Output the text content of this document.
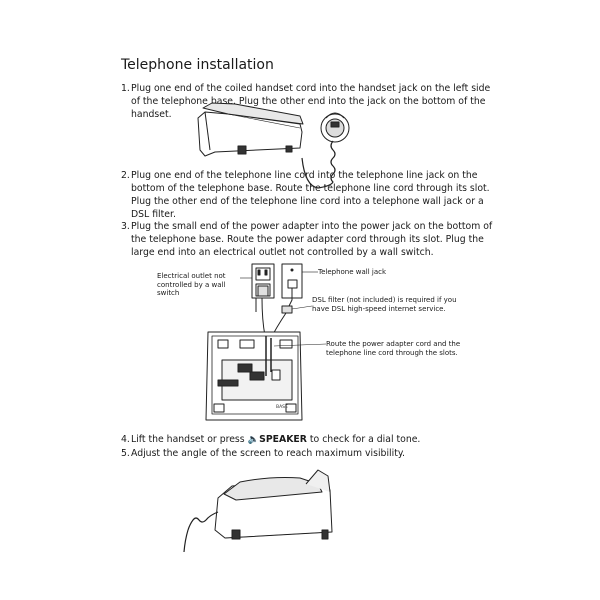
Telephone installation
1. Plug one end of the coiled handset cord into the handset jack on the left side of the telephone base. Plug the other end into the jack on the bottom of the handset.
2. Plug one end of the telephone line cord into the telephone line jack on the bottom of the telephone base. Route the telephone line cord through its slot. Plug the other end of the telephone line cord into a telephone wall jack or a DSL filter.
3. Plug the small end of the power adapter into the power jack on the bottom of the telephone base. Route the power adapter cord through its slot. Plug the large end into an electrical outlet not controlled by a wall switch.
4. Lift the handset or press 🔈SPEAKER to check for a dial tone.
5. Adjust the angle of the screen to reach maximum visibility.
Electrical outlet not controlled by a wall switch
Telephone wall jack
DSL filter (not included) is required if you have DSL high-speed internet service.
Route the power adapter cord and the telephone line cord through the slots.
BASE
